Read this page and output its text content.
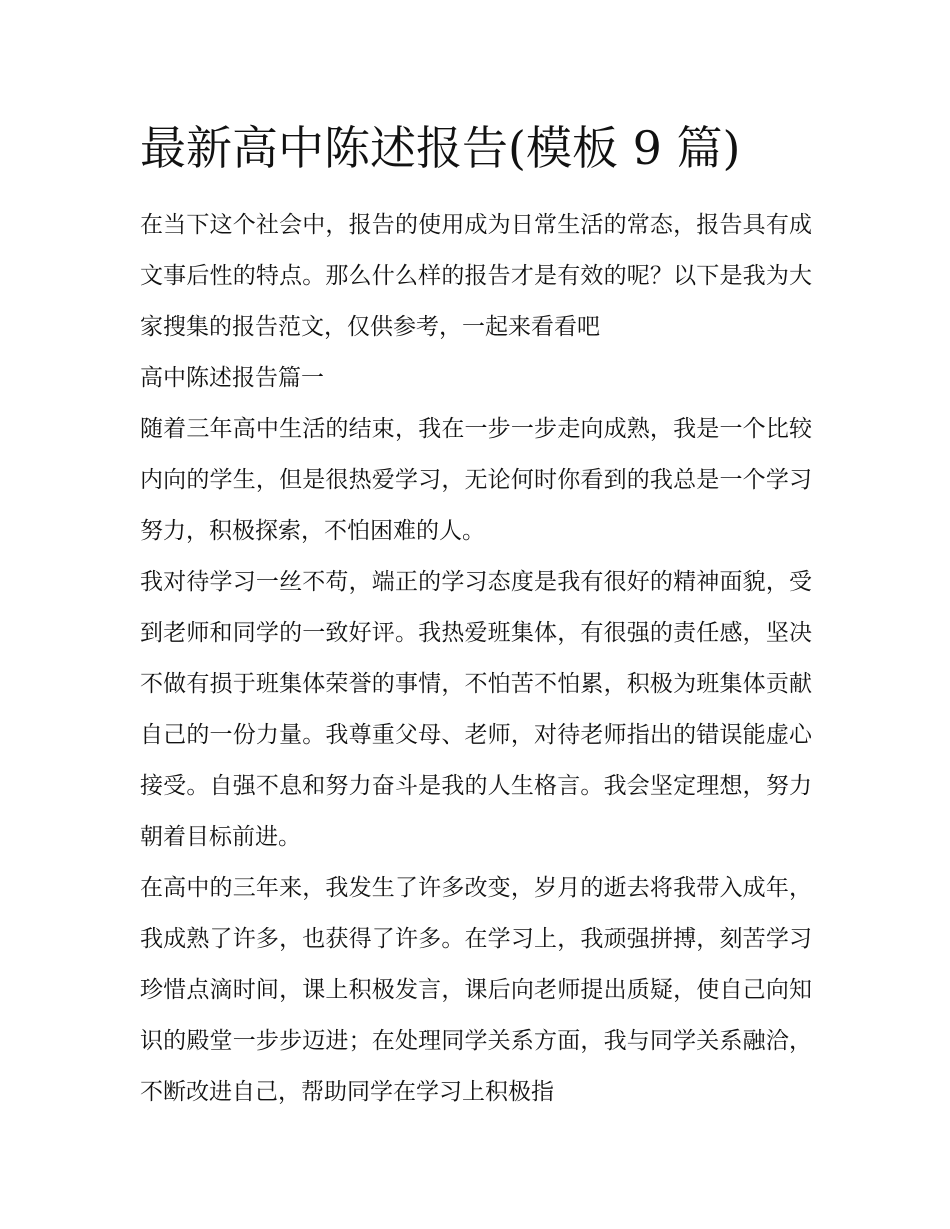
最新高中陈述报告(模板 9 篇)

在当下这个社会中，报告的使用成为日常生活的常态，报告具有成文事后性的特点。那么什么样的报告才是有效的呢？以下是我为大家搜集的报告范文，仅供参考，一起来看看吧

高中陈述报告篇一

随着三年高中生活的结束，我在一步一步走向成熟，我是一个比较内向的学生，但是很热爱学习，无论何时你看到的我总是一个学习努力，积极探索，不怕困难的人。

我对待学习一丝不苟，端正的学习态度是我有很好的精神面貌，受到老师和同学的一致好评。我热爱班集体，有很强的责任感，坚决不做有损于班集体荣誉的事情，不怕苦不怕累，积极为班集体贡献自己的一份力量。我尊重父母、老师，对待老师指出的错误能虚心接受。自强不息和努力奋斗是我的人生格言。我会坚定理想，努力朝着目标前进。

在高中的三年来，我发生了许多改变，岁月的逝去将我带入成年，我成熟了许多，也获得了许多。在学习上，我顽强拼搏，刻苦学习珍惜点滴时间，课上积极发言，课后向老师提出质疑，使自己向知识的殿堂一步步迈进；在处理同学关系方面，我与同学关系融洽，不断改进自己，帮助同学在学习上积极指
